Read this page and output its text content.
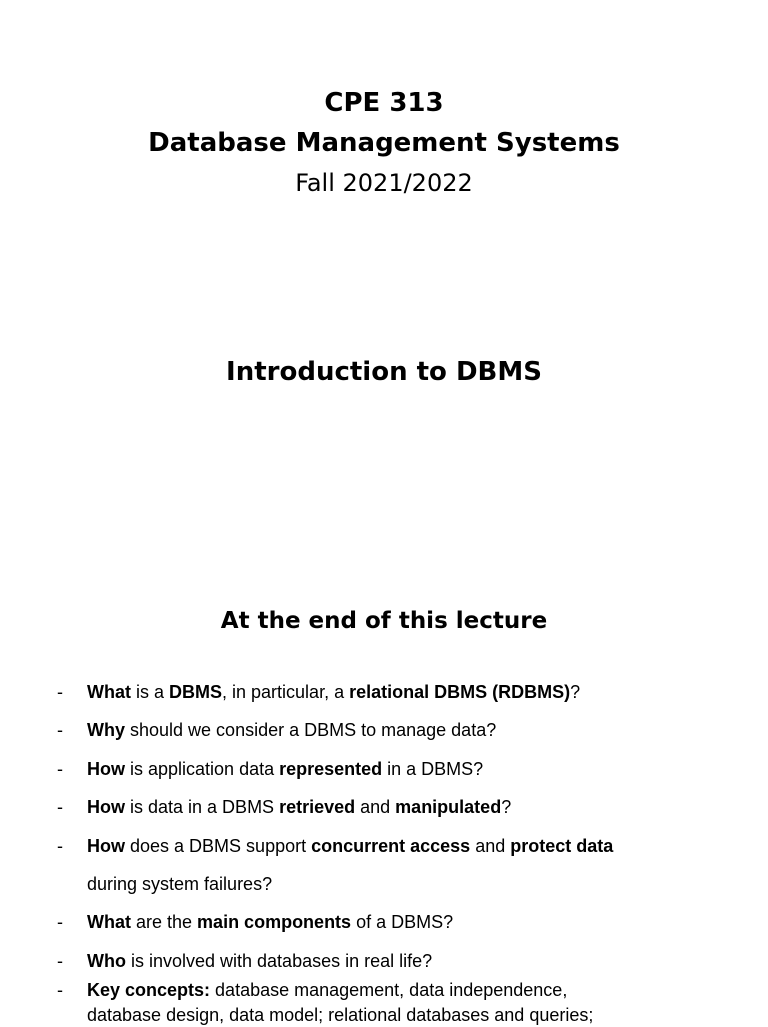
CPE 313
Database Management Systems
Fall 2021/2022
Introduction to DBMS
At the end of this lecture
- What is a DBMS, in particular, a relational DBMS (RDBMS)?
- Why should we consider a DBMS to manage data?
- How is application data represented in a DBMS?
- How is data in a DBMS retrieved and manipulated?
- How does a DBMS support concurrent access and protect data
during system failures?
- What are the main components of a DBMS?
- Who is involved with databases in real life?
- Key concepts: database management, data independence,
database design, data model; relational databases and queries;
